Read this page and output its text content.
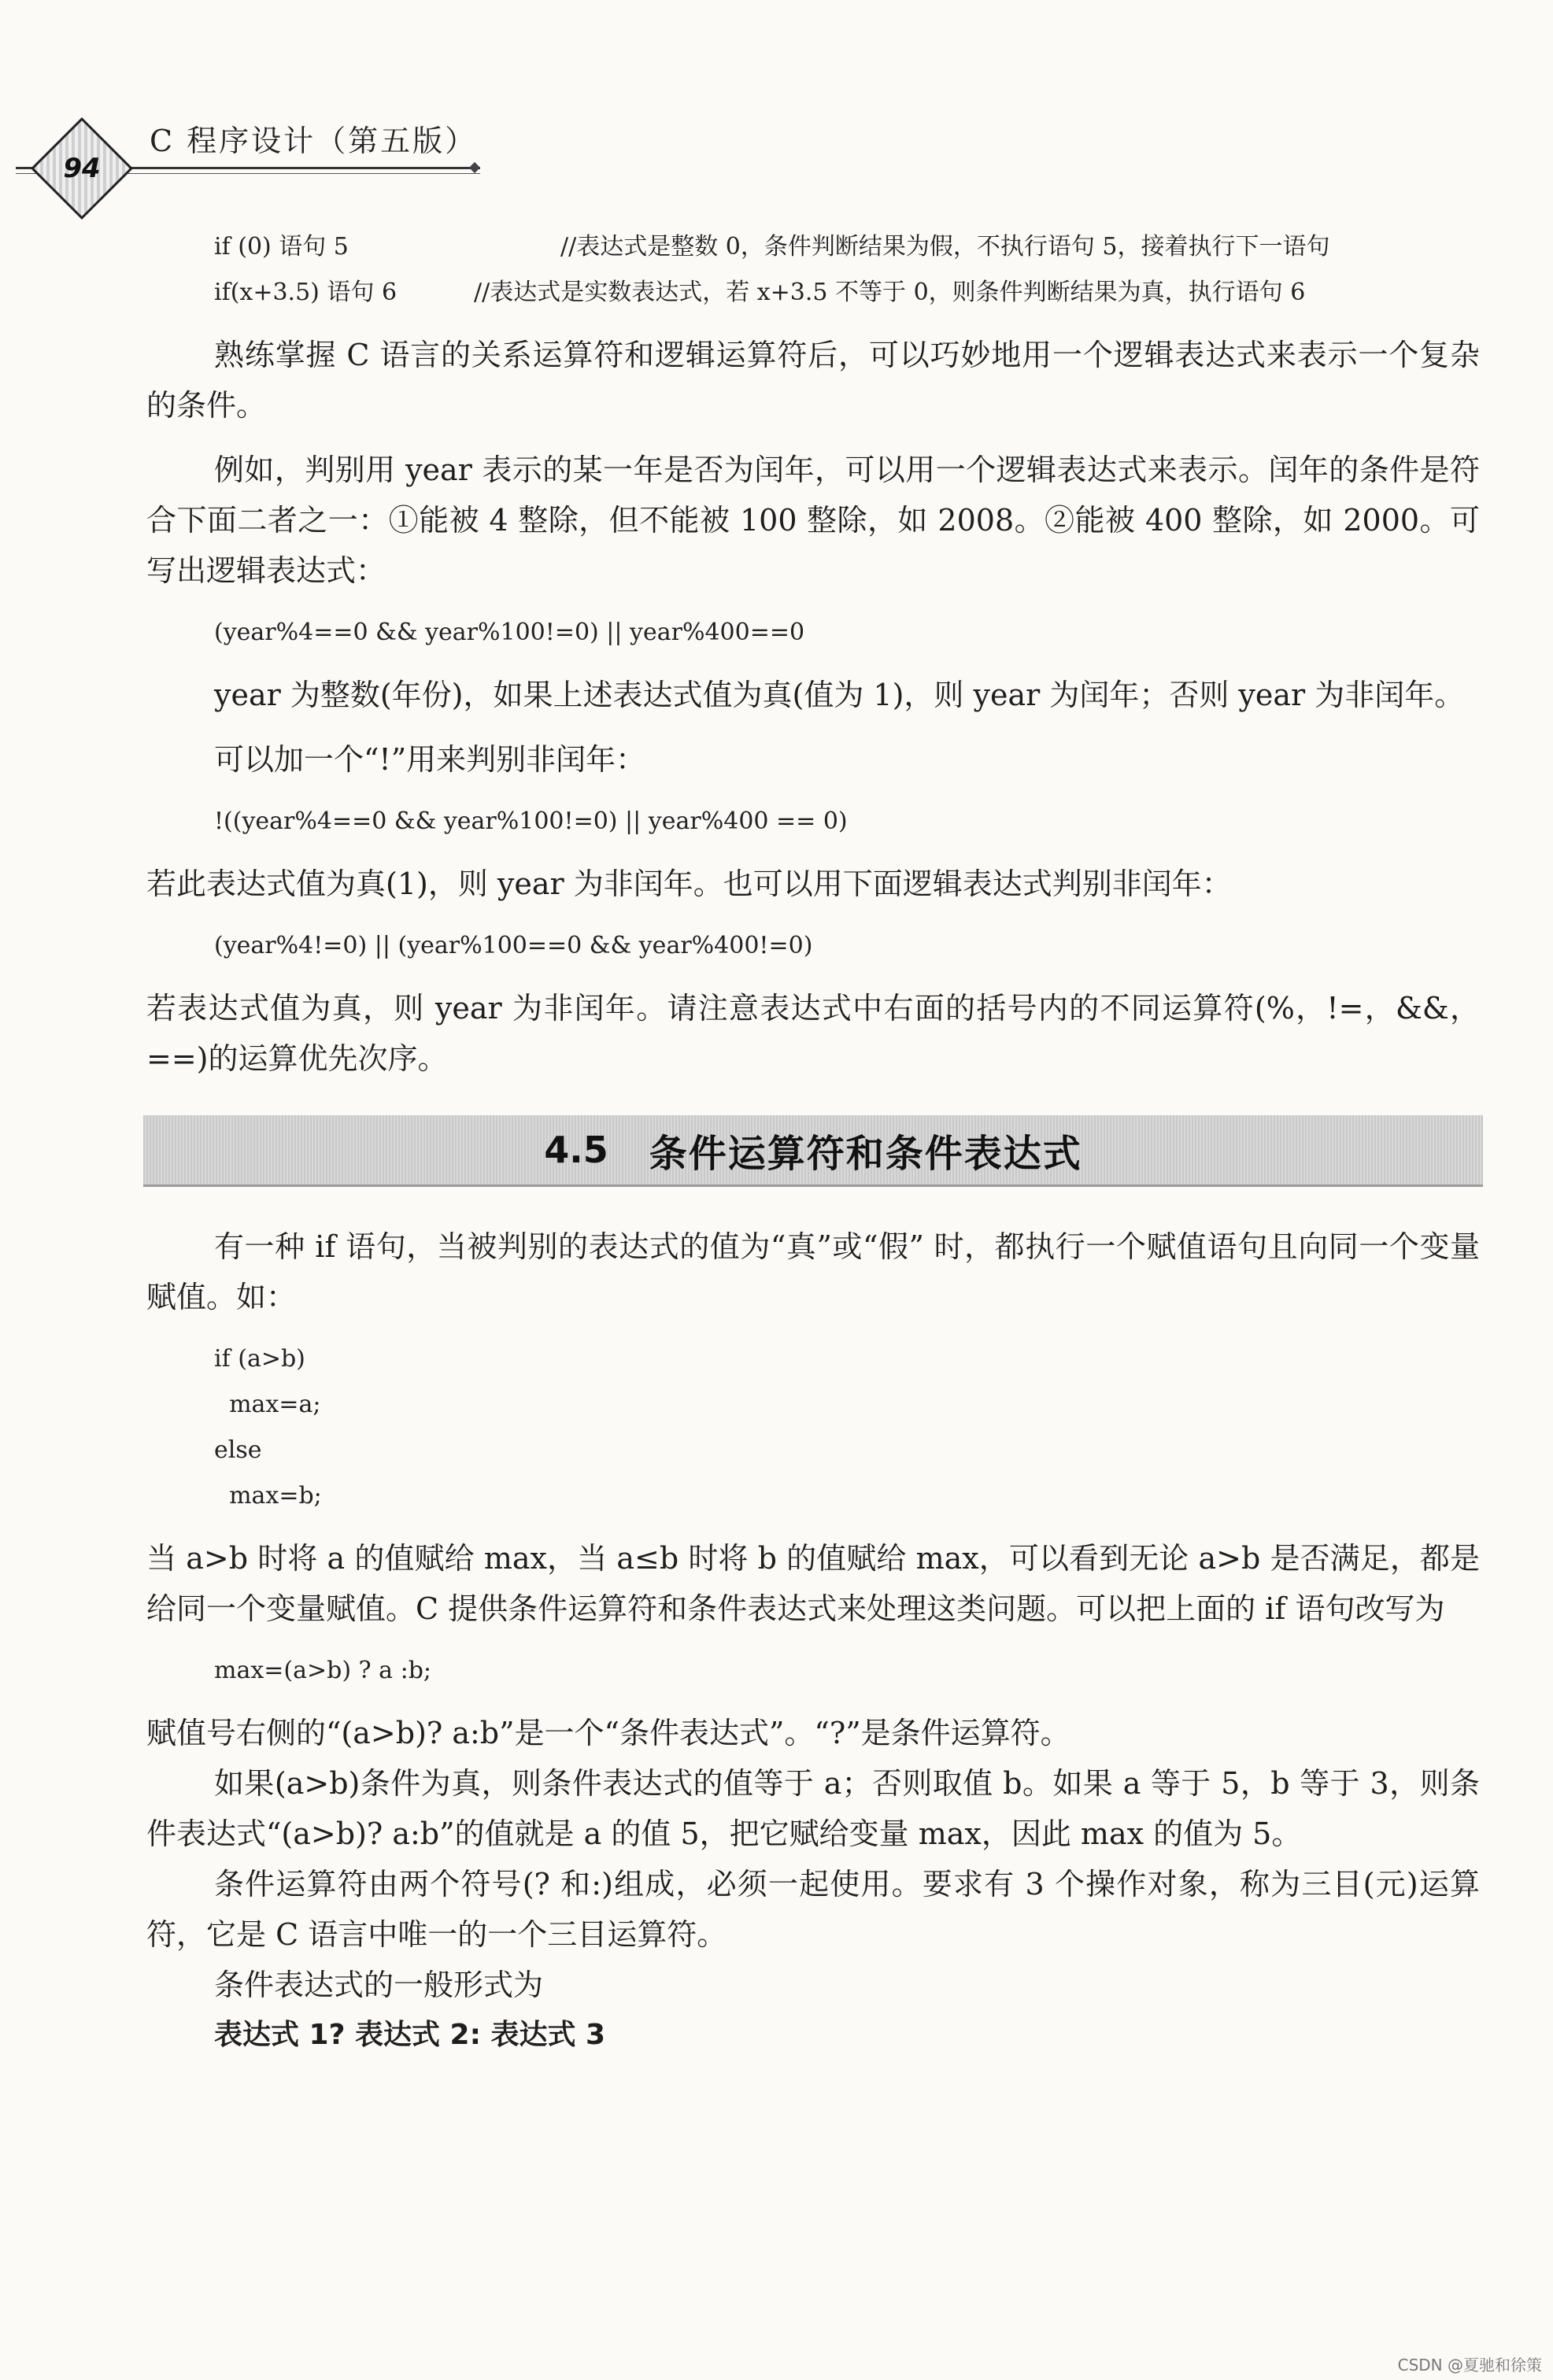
94
C 程序设计（第五版）
if (0) 语句 5	//表达式是整数 0，条件判断结果为假，不执行语句 5，接着执行下一语句
if(x+3.5) 语句 6	//表达式是实数表达式，若 x+3.5 不等于 0，则条件判断结果为真，执行语句 6

熟练掌握 C 语言的关系运算符和逻辑运算符后，可以巧妙地用一个逻辑表达式来表示一个复杂的条件。

例如，判别用 year 表示的某一年是否为闰年，可以用一个逻辑表达式来表示。闰年的条件是符合下面二者之一：①能被 4 整除，但不能被 100 整除，如 2008。②能被 400 整除，如 2000。可写出逻辑表达式：

(year%4==0 && year%100!=0) || year%400==0

year 为整数(年份)，如果上述表达式值为真(值为 1)，则 year 为闰年；否则 year 为非闰年。

可以加一个“!”用来判别非闰年：

!((year%4==0 && year%100!=0) || year%400 == 0)

若此表达式值为真(1)，则 year 为非闰年。也可以用下面逻辑表达式判别非闰年：

(year%4!=0) || (year%100==0 && year%400!=0)

若表达式值为真，则 year 为非闰年。请注意表达式中右面的括号内的不同运算符(%，!=，&&，==)的运算优先次序。

4.5 条件运算符和条件表达式

有一种 if 语句，当被判别的表达式的值为“真”或“假” 时，都执行一个赋值语句且向同一个变量赋值。如：

if (a>b)
max=a;
else
max=b;

当 a>b 时将 a 的值赋给 max，当 a≤b 时将 b 的值赋给 max，可以看到无论 a>b 是否满足，都是给同一个变量赋值。C 提供条件运算符和条件表达式来处理这类问题。可以把上面的 if 语句改写为

max=(a>b) ? a :b;

赋值号右侧的“(a>b)? a:b”是一个“条件表达式”。“?”是条件运算符。

如果(a>b)条件为真，则条件表达式的值等于 a；否则取值 b。如果 a 等于 5，b 等于 3，则条件表达式“(a>b)? a:b”的值就是 a 的值 5，把它赋给变量 max，因此 max 的值为 5。

条件运算符由两个符号(? 和:)组成，必须一起使用。要求有 3 个操作对象，称为三目(元)运算符，它是 C 语言中唯一的一个三目运算符。

条件表达式的一般形式为

表达式 1? 表达式 2: 表达式 3

CSDN @夏驰和徐策
